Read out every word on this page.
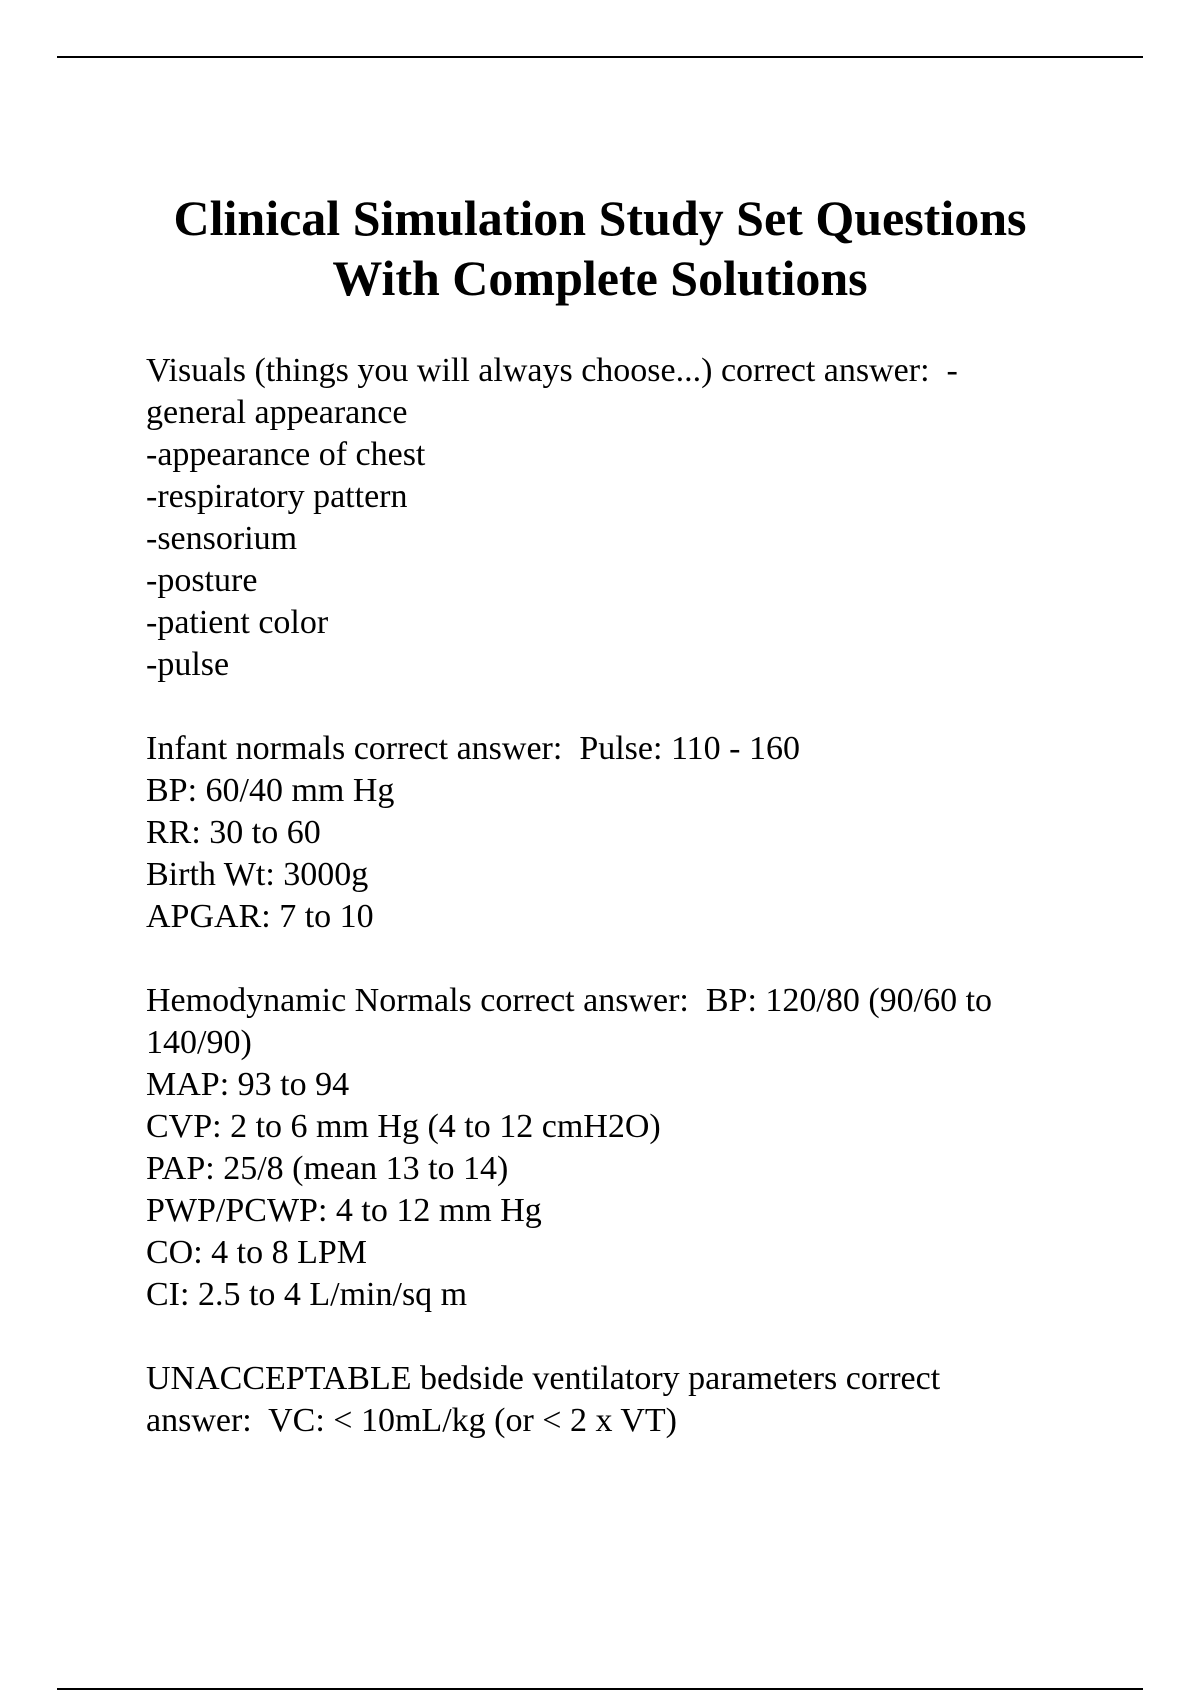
Clinical Simulation Study Set Questions
With Complete Solutions
Visuals (things you will always choose...) correct answer:  -
general appearance
-appearance of chest
-respiratory pattern
-sensorium
-posture
-patient color
-pulse
Infant normals correct answer:  Pulse: 110 - 160
BP: 60/40 mm Hg
RR: 30 to 60
Birth Wt: 3000g
APGAR: 7 to 10
Hemodynamic Normals correct answer:  BP: 120/80 (90/60 to
140/90)
MAP: 93 to 94
CVP: 2 to 6 mm Hg (4 to 12 cmH2O)
PAP: 25/8 (mean 13 to 14)
PWP/PCWP: 4 to 12 mm Hg
CO: 4 to 8 LPM
CI: 2.5 to 4 L/min/sq m
UNACCEPTABLE bedside ventilatory parameters correct
answer:  VC: < 10mL/kg (or < 2 x VT)
